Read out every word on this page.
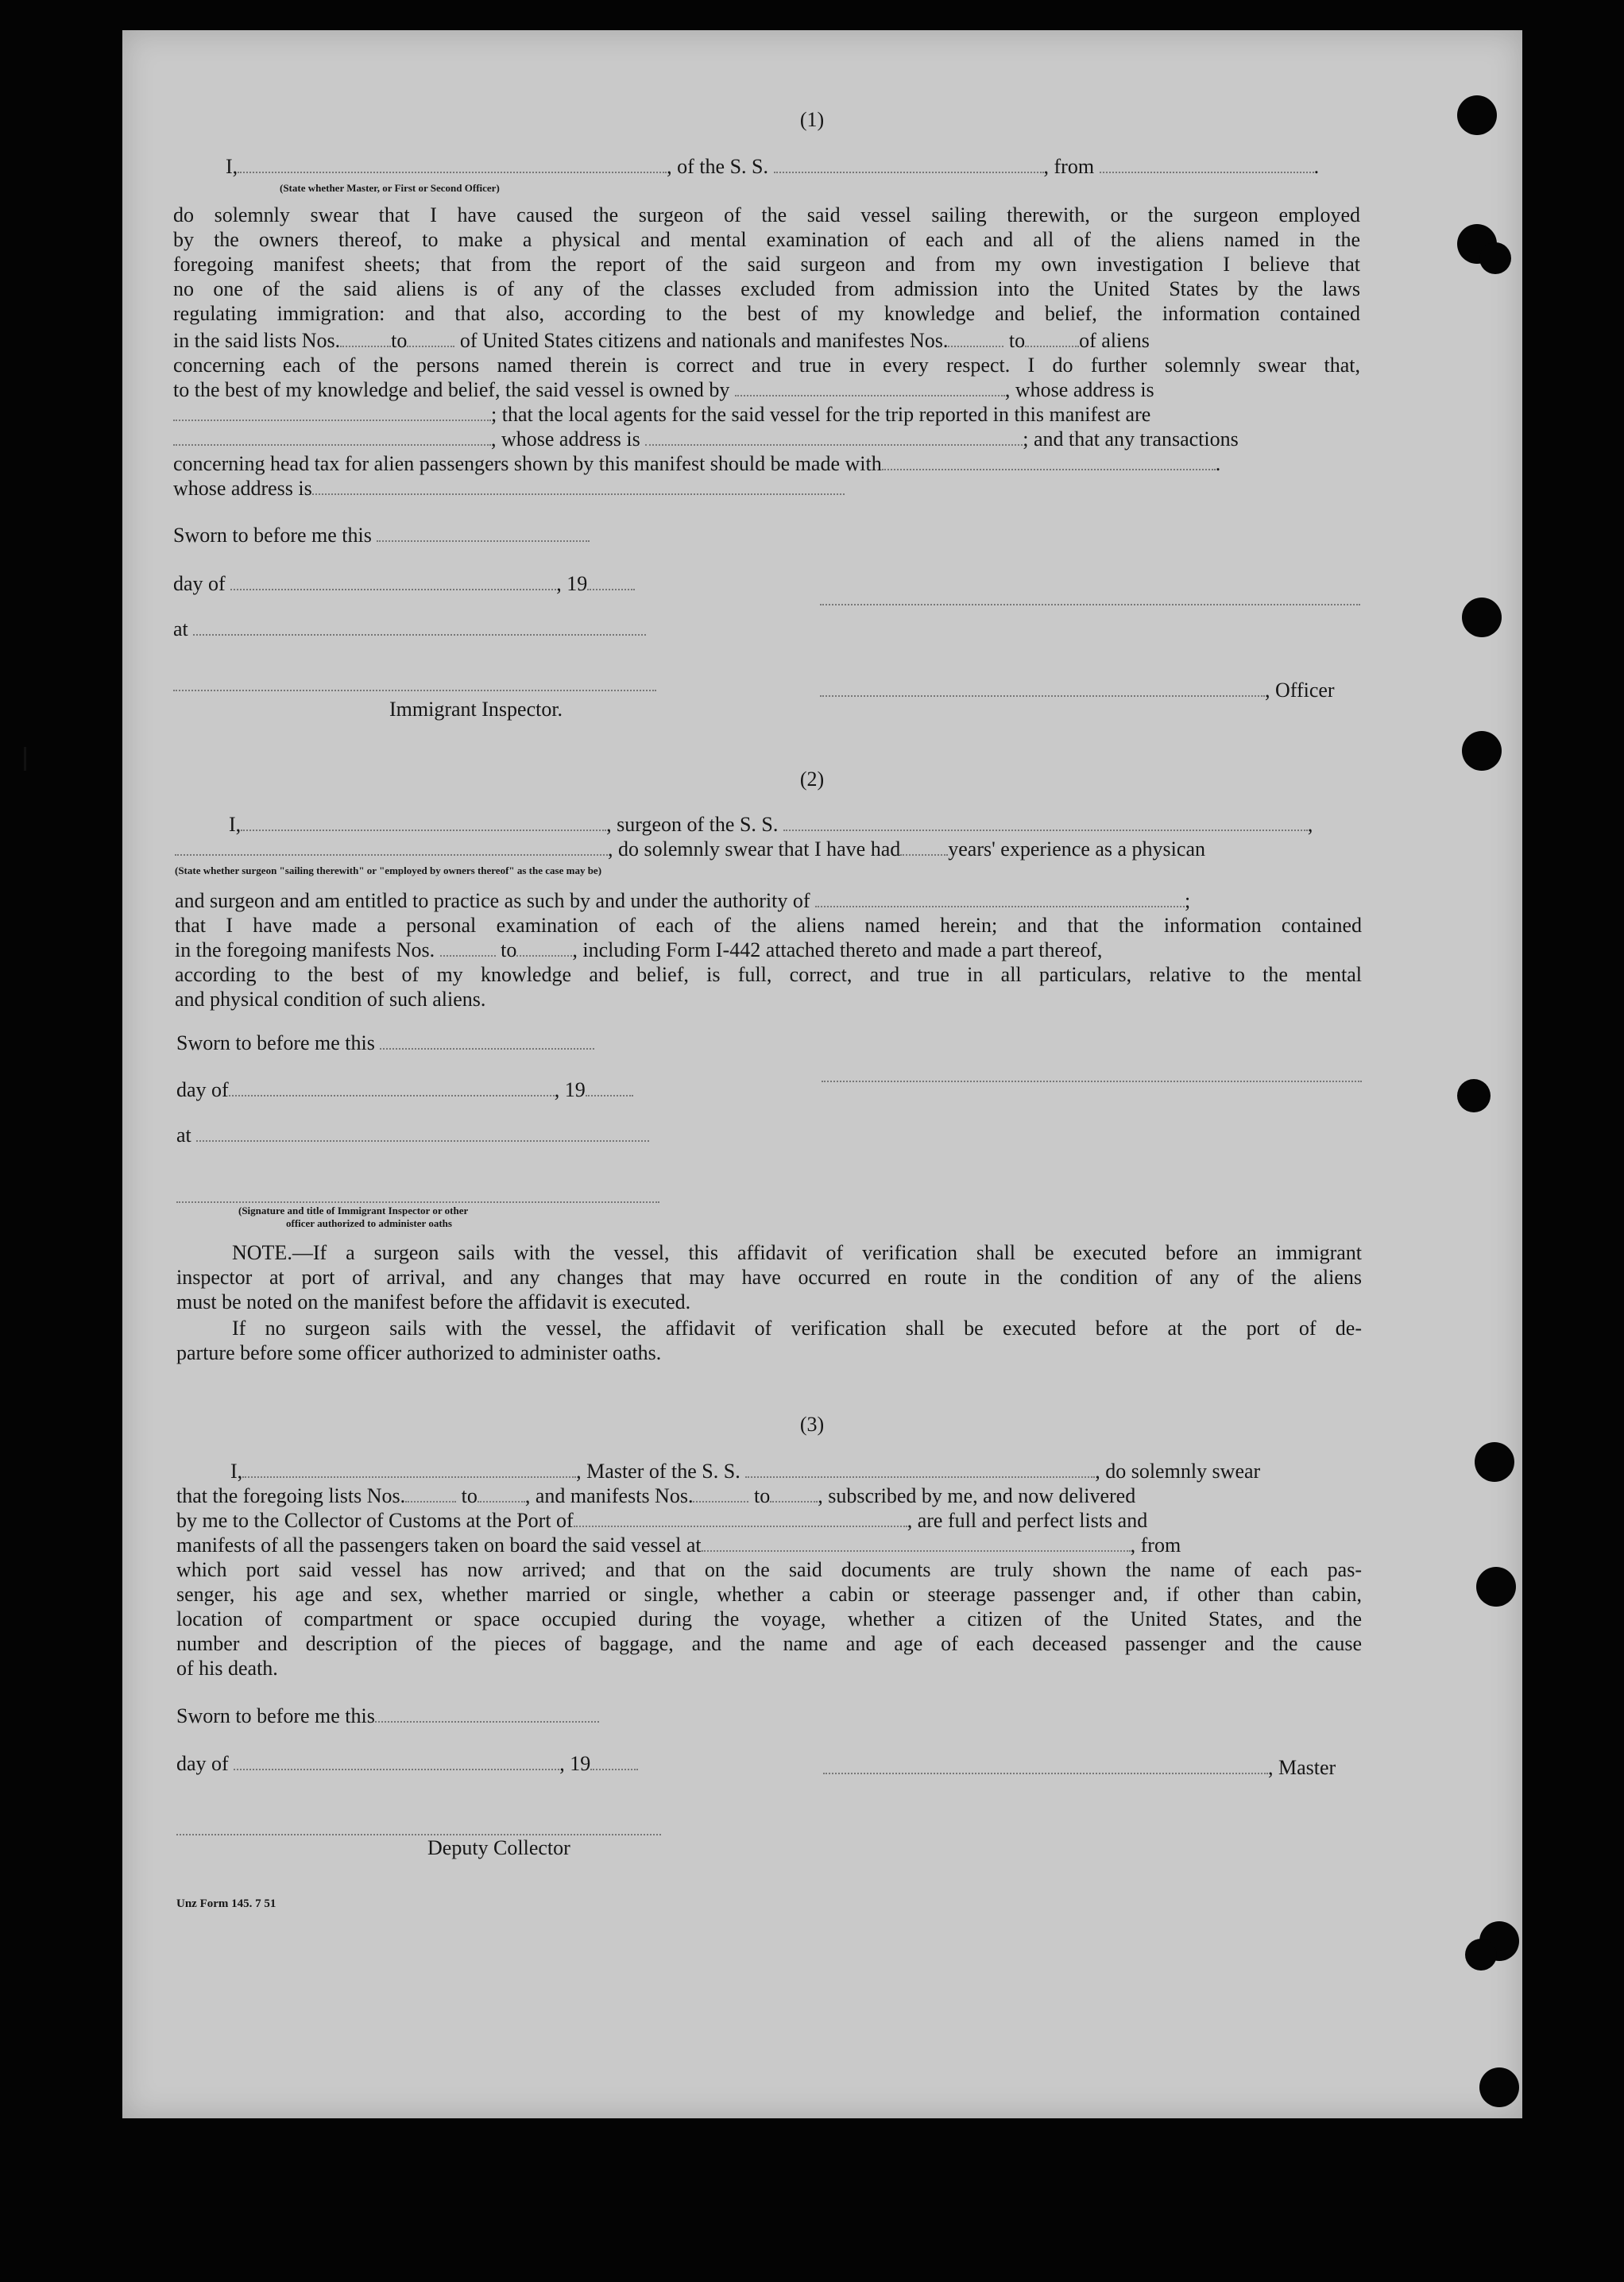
(1)
I,	, of the S. S.	, from	.
(State whether Master, or First or Second Officer)
do solemnly swear that I have caused the surgeon of the said vessel sailing therewith, or the surgeon employed
by the owners thereof, to make a physical and mental examination of each and all of the aliens named in the
foregoing manifest sheets; that from the report of the said surgeon and from my own investigation I believe that
no one of the said aliens is of any of the classes excluded from admission into the United States by the laws
regulating immigration: and that also, according to the best of my knowledge and belief, the information contained
in the said lists Nos. to	of United States citizens and nationals and manifestes Nos.	to	of aliens
concerning each of the persons named therein is correct and true in every respect. I do further solemnly swear that,
to the best of my knowledge and belief, the said vessel is owned by	, whose address is
; that the local agents for the said vessel for the trip reported in this manifest are
, whose address is	; and that any transactions
concerning head tax for alien passengers shown by this manifest should be made with	.
whose address is
Sworn to before me this
day of	, 19
at
, Officer
Immigrant Inspector.
(2)
I,	, surgeon of the S. S.	,
, do solemnly swear that I have had years' experience as a physican
(State whether surgeon "sailing therewith" or "employed by owners thereof" as the case may be)
and surgeon and am entitled to practice as such by and under the authority of	;
that I have made a personal examination of each of the aliens named herein; and that the information contained
in the foregoing manifests Nos.	to	, including Form I-442 attached thereto and made a part thereof,
according to the best of my knowledge and belief, is full, correct, and true in all particulars, relative to the mental
and physical condition of such aliens.
Sworn to before me this
day of	, 19
at
(Signature and title of Immigrant Inspector or other
officer authorized to administer oaths
NOTE.—If a surgeon sails with the vessel, this affidavit of verification shall be executed before an immigrant
inspector at port of arrival, and any changes that may have occurred en route in the condition of any of the aliens
must be noted on the manifest before the affidavit is executed.
If no surgeon sails with the vessel, the affidavit of verification shall be executed before at the port of de-
parture before some officer authorized to administer oaths.
(3)
I,	, Master of the S. S.	, do solemnly swear
that the foregoing lists Nos.	to , and manifests Nos.	to , subscribed by me, and now delivered
by me to the Collector of Customs at the Port of	, are full and perfect lists and
manifests of all the passengers taken on board the said vessel at	, from
which port said vessel has now arrived; and that on the said documents are truly shown the name of each pas-
senger, his age and sex, whether married or single, whether a cabin or steerage passenger and, if other than cabin,
location of compartment or space occupied during the voyage, whether a citizen of the United States, and the
number and description of the pieces of baggage, and the name and age of each deceased passenger and the cause
of his death.
Sworn to before me this
day of	, 19	, Master
Deputy Collector
Unz Form 145. 7 51
